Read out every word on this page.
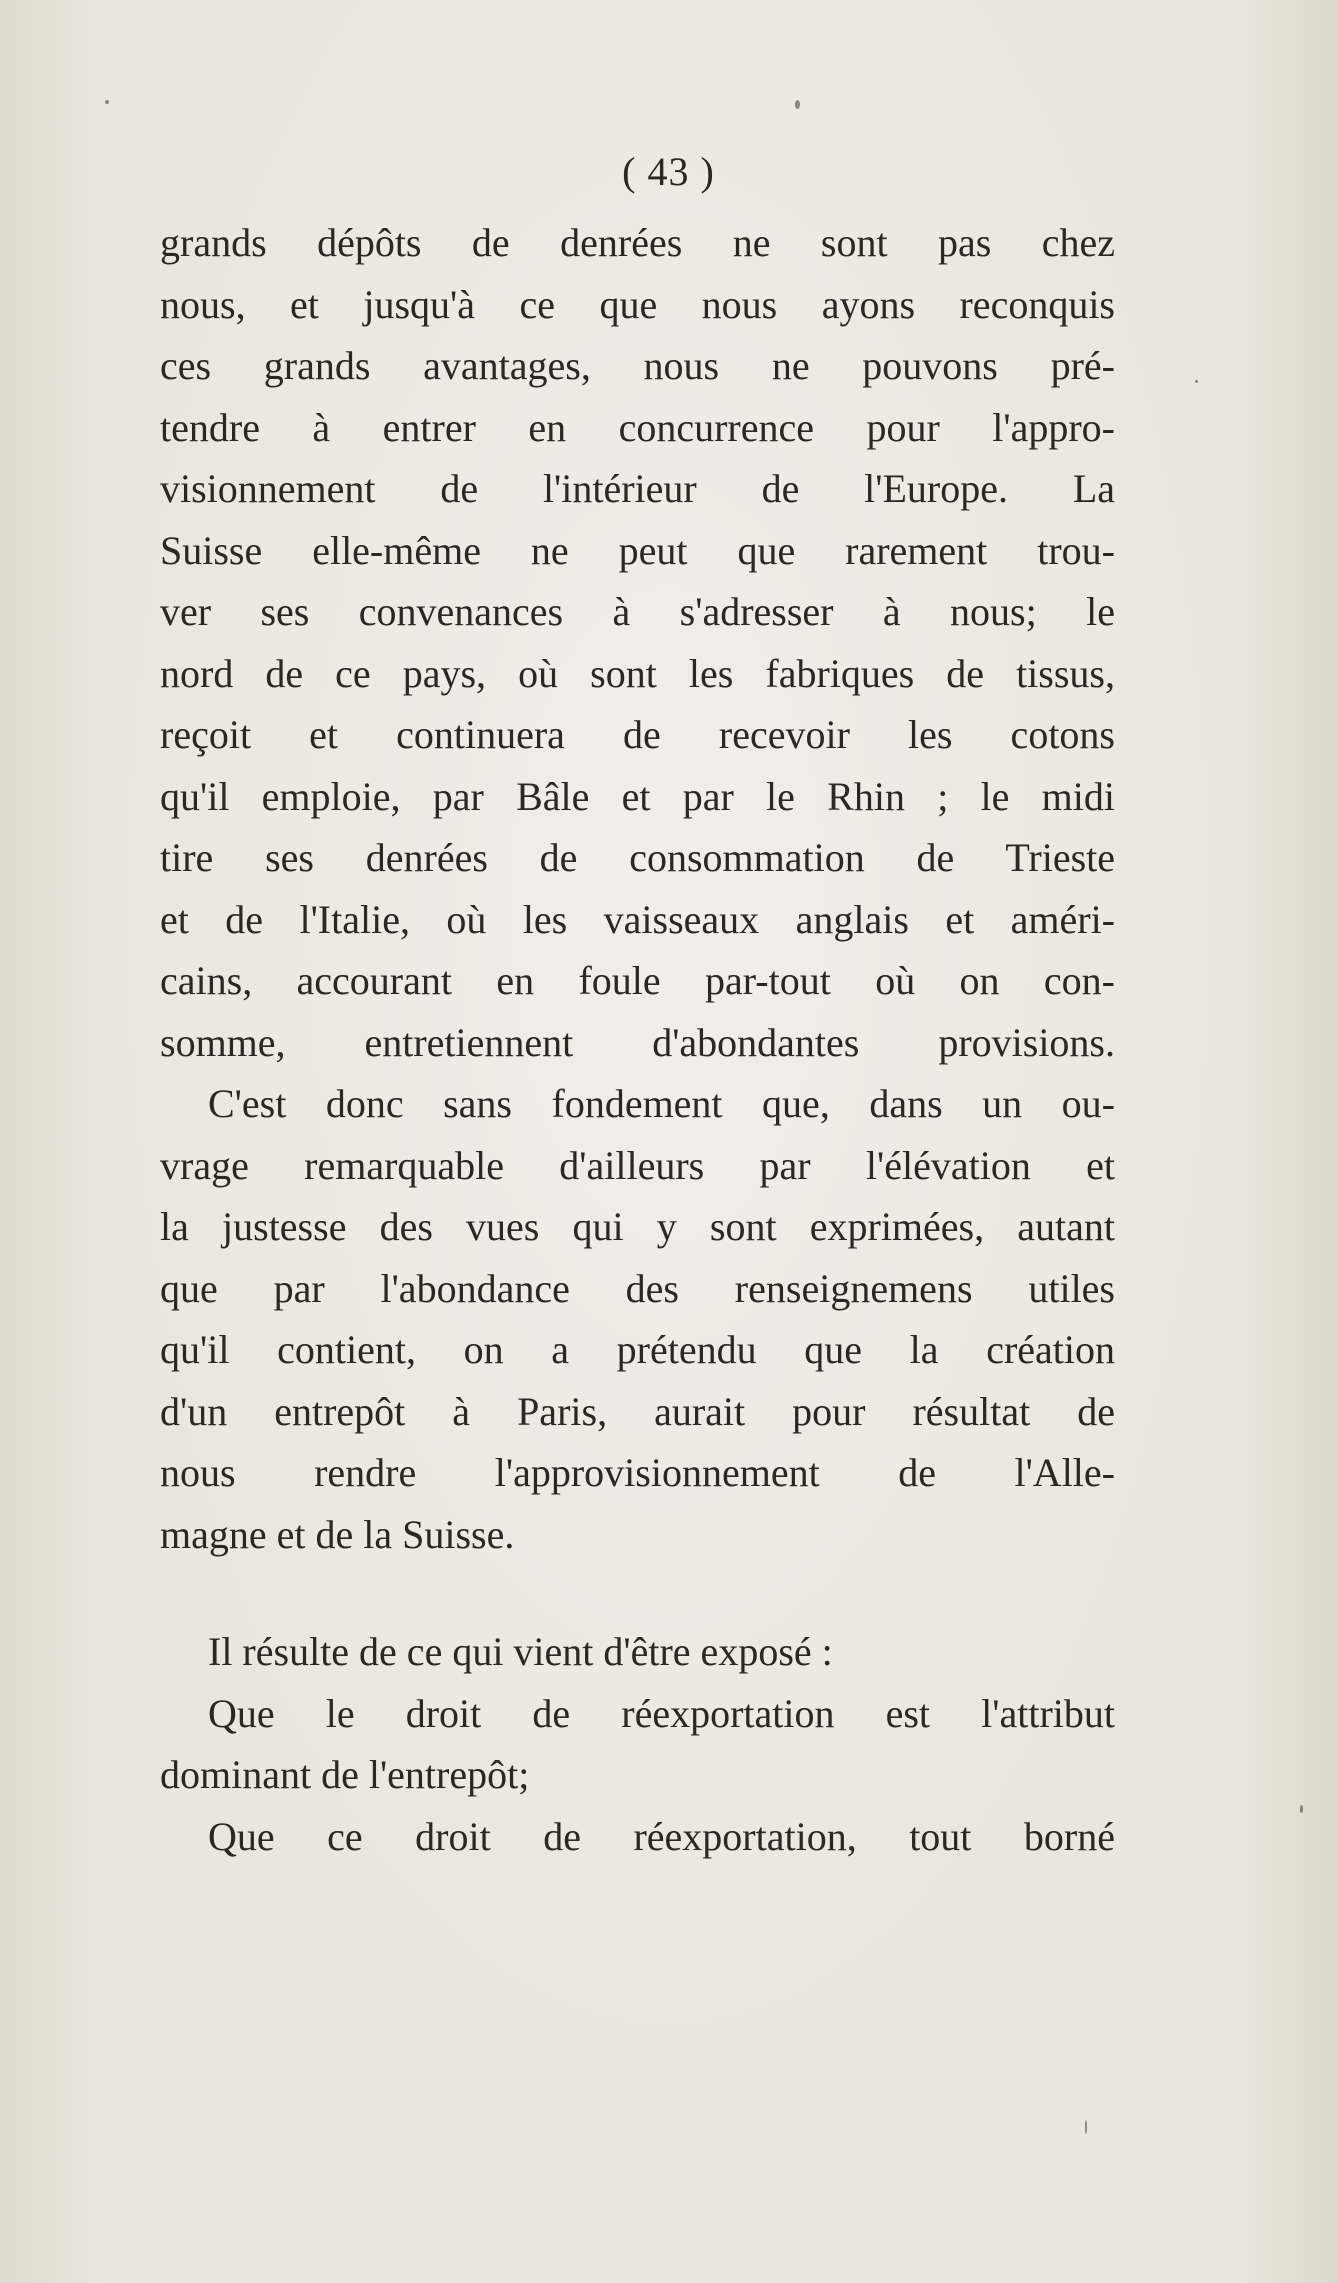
( 43 )
grands dépôts de denrées ne sont pas chez
nous, et jusqu'à ce que nous ayons reconquis
ces grands avantages, nous ne pouvons pré-
tendre à entrer en concurrence pour l'appro-
visionnement de l'intérieur de l'Europe. La
Suisse elle-même ne peut que rarement trou-
ver ses convenances à s'adresser à nous; le
nord de ce pays, où sont les fabriques de tissus,
reçoit et continuera de recevoir les cotons
qu'il emploie, par Bâle et par le Rhin ; le midi
tire ses denrées de consommation de Trieste
et de l'Italie, où les vaisseaux anglais et améri-
cains, accourant en foule par-tout où on con-
somme, entretiennent d'abondantes provisions.
C'est donc sans fondement que, dans un ou-
vrage remarquable d'ailleurs par l'élévation et
la justesse des vues qui y sont exprimées, autant
que par l'abondance des renseignemens utiles
qu'il contient, on a prétendu que la création
d'un entrepôt à Paris, aurait pour résultat de
nous rendre l'approvisionnement de l'Alle-
magne et de la Suisse.
Il résulte de ce qui vient d'être exposé :
Que le droit de réexportation est l'attribut
dominant de l'entrepôt;
Que ce droit de réexportation, tout borné
